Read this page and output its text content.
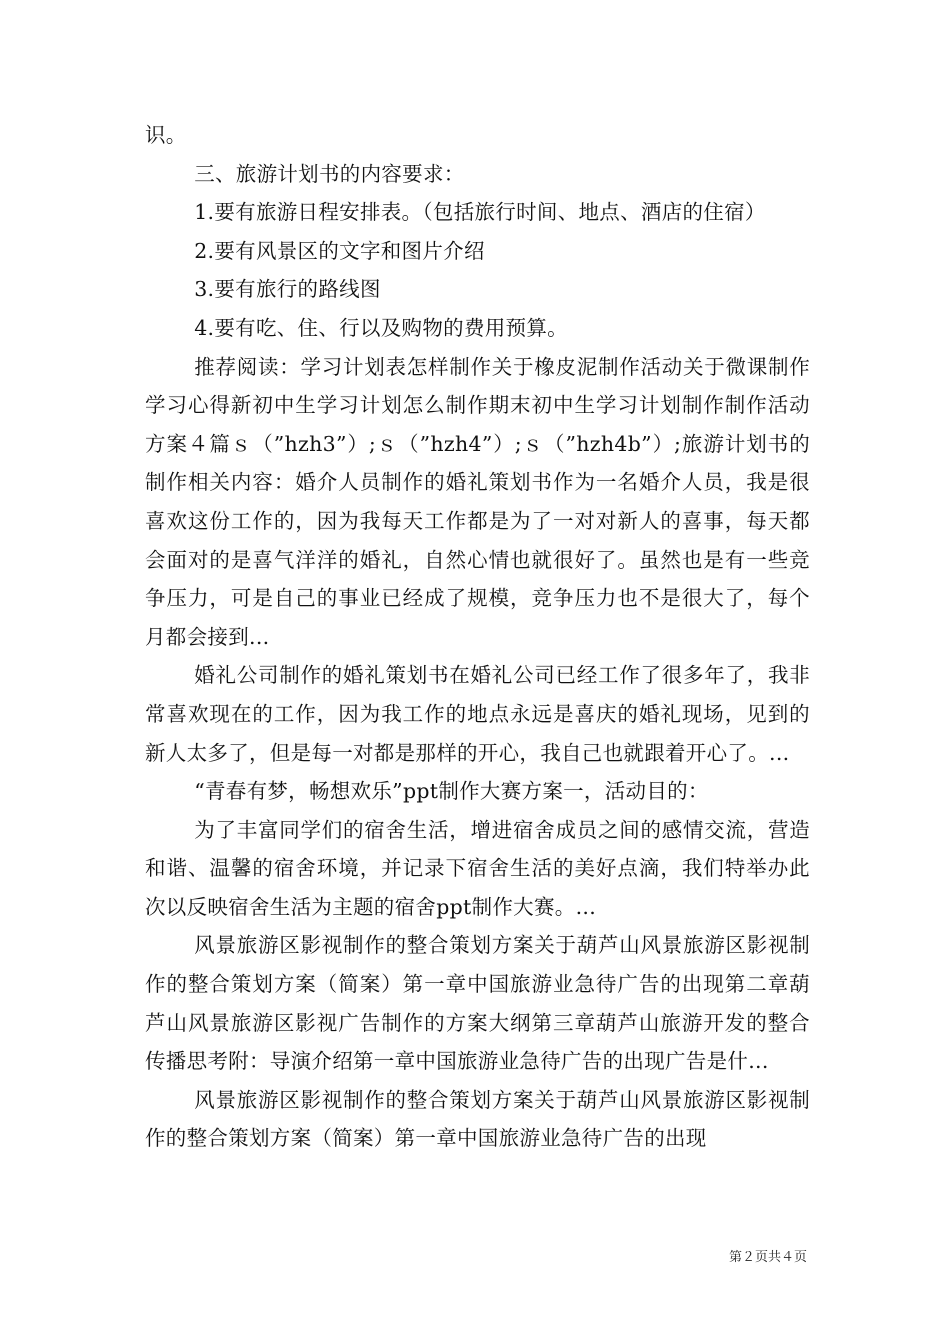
识。

三、旅游计划书的内容要求：

1.要有旅游日程安排表。（包括旅行时间、地点、酒店的住宿）

2.要有风景区的文字和图片介绍

3.要有旅行的路线图

4.要有吃、住、行以及购物的费用预算。

推荐阅读：学习计划表怎样制作关于橡皮泥制作活动关于微课制作学习心得新初中生学习计划怎么制作期末初中生学习计划制作制作活动方案４篇ｓ（”hzh3”）;ｓ（”hzh4”）;ｓ（”hzh4b”）;旅游计划书的制作相关内容：婚介人员制作的婚礼策划书作为一名婚介人员，我是很喜欢这份工作的，因为我每天工作都是为了一对对新人的喜事，每天都会面对的是喜气洋洋的婚礼，自然心情也就很好了。虽然也是有一些竞争压力，可是自己的事业已经成了规模，竞争压力也不是很大了，每个月都会接到...

婚礼公司制作的婚礼策划书在婚礼公司已经工作了很多年了，我非常喜欢现在的工作，因为我工作的地点永远是喜庆的婚礼现场，见到的新人太多了，但是每一对都是那样的开心，我自己也就跟着开心了。...

“青春有梦，畅想欢乐”ppt制作大赛方案一，活动目的：

为了丰富同学们的宿舍生活，增进宿舍成员之间的感情交流，营造和谐、温馨的宿舍环境，并记录下宿舍生活的美好点滴，我们特举办此次以反映宿舍生活为主题的宿舍ppt制作大赛。...

风景旅游区影视制作的整合策划方案关于葫芦山风景旅游区影视制作的整合策划方案（简案）第一章中国旅游业急待广告的出现第二章葫芦山风景旅游区影视广告制作的方案大纲第三章葫芦山旅游开发的整合传播思考附：导演介绍第一章中国旅游业急待广告的出现广告是什...

风景旅游区影视制作的整合策划方案关于葫芦山风景旅游区影视制作的整合策划方案（简案）第一章中国旅游业急待广告的出现

第２页共４页
